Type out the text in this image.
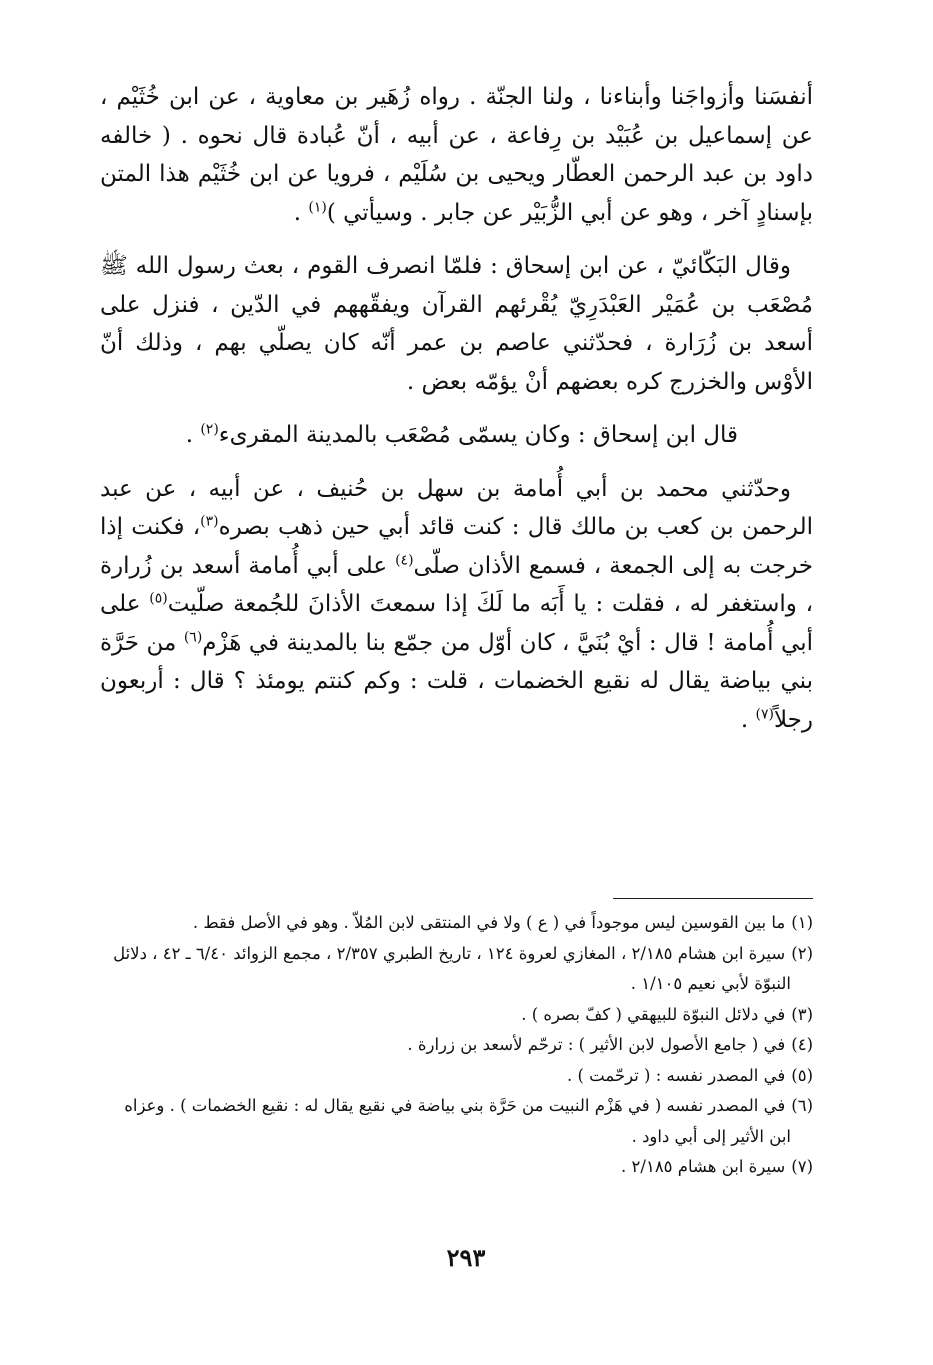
أنفسَنا وأزواجَنا وأبناءنا ، ولنا الجنّة . رواه زُهَير بن معاوية ، عن ابن خُثَيْم ، عن إسماعيل بن عُبَيْد بن رِفاعة ، عن أبيه ، أنّ عُبادة قال نحوه . ( خالفه داود بن عبد الرحمن العطّار ويحيى بن سُلَيْم ، فرويا عن ابن خُثَيْم هذا المتن بإسنادٍ آخر ، وهو عن أبي الزُّبَيْر عن جابر . وسيأتي )$^{(١)}$ .

وقال البَكّائيّ ، عن ابن إسحاق : فلمّا انصرف القوم ، بعث رسول الله ﷺ مُصْعَب بن عُمَيْر العَبْدَرِيّ يُقْرئهم القرآن ويفقّههم في الدّين ، فنزل على أسعد بن زُرَارة ، فحدّثني عاصم بن عمر أنّه كان يصلّي بهم ، وذلك أنّ الأوْس والخزرج كره بعضهم أنْ يؤمّه بعض .

قال ابن إسحاق : وكان يسمّى مُصْعَب بالمدينة المقرىء$^{(٢)}$ .

وحدّثني محمد بن أبي أُمامة بن سهل بن حُنيف ، عن أبيه ، عن عبد الرحمن بن كعب بن مالك قال : كنت قائد أبي حين ذهب بصره$^{(٣)}$، فكنت إذا خرجت به إلى الجمعة ، فسمع الأذان صلّى$^{(٤)}$ على أبي أُمامة أسعد بن زُرارة ، واستغفر له ، فقلت : يا أَبَه ما لَكَ إذا سمعتَ الأذانَ للجُمعة صلّيت$^{(٥)}$ على أبي أُمامة ! قال : أيْ بُنَيَّ ، كان أوّل من جمّع بنا بالمدينة في هَزْم$^{(٦)}$ من حَرَّة بني بياضة يقال له نقيع الخضمات ، قلت : وكم كنتم يومئذ ؟ قال : أربعون رجلاً$^{(٧)}$ .

(١)ما بين القوسين ليس موجوداً في ( ع ) ولا في المنتقى لابن المُلاّ . وهو في الأصل فقط .

(٢)سيرة ابن هشام ٢/١٨٥ ، المغازي لعروة ١٢٤ ، تاريخ الطبري ٢/٣٥٧ ، مجمع الزوائد ٦/٤٠ ـ ٤٢ ، دلائل النبوّة لأبي نعيم ١/١٠٥ .

(٣)في دلائل النبوّة للبيهقي ( كفّ بصره ) .

(٤)في ( جامع الأصول لابن الأثير ) : ترحّم لأسعد بن زرارة .

(٥)في المصدر نفسه : ( ترحّمت ) .

(٦)في المصدر نفسه ( في هَزْم النبيت من حَرَّة بني بياضة في نقيع يقال له : نقيع الخضمات ) . وعزاه ابن الأثير إلى أبي داود .

(٧)سيرة ابن هشام ٢/١٨٥ .

٢٩٣
